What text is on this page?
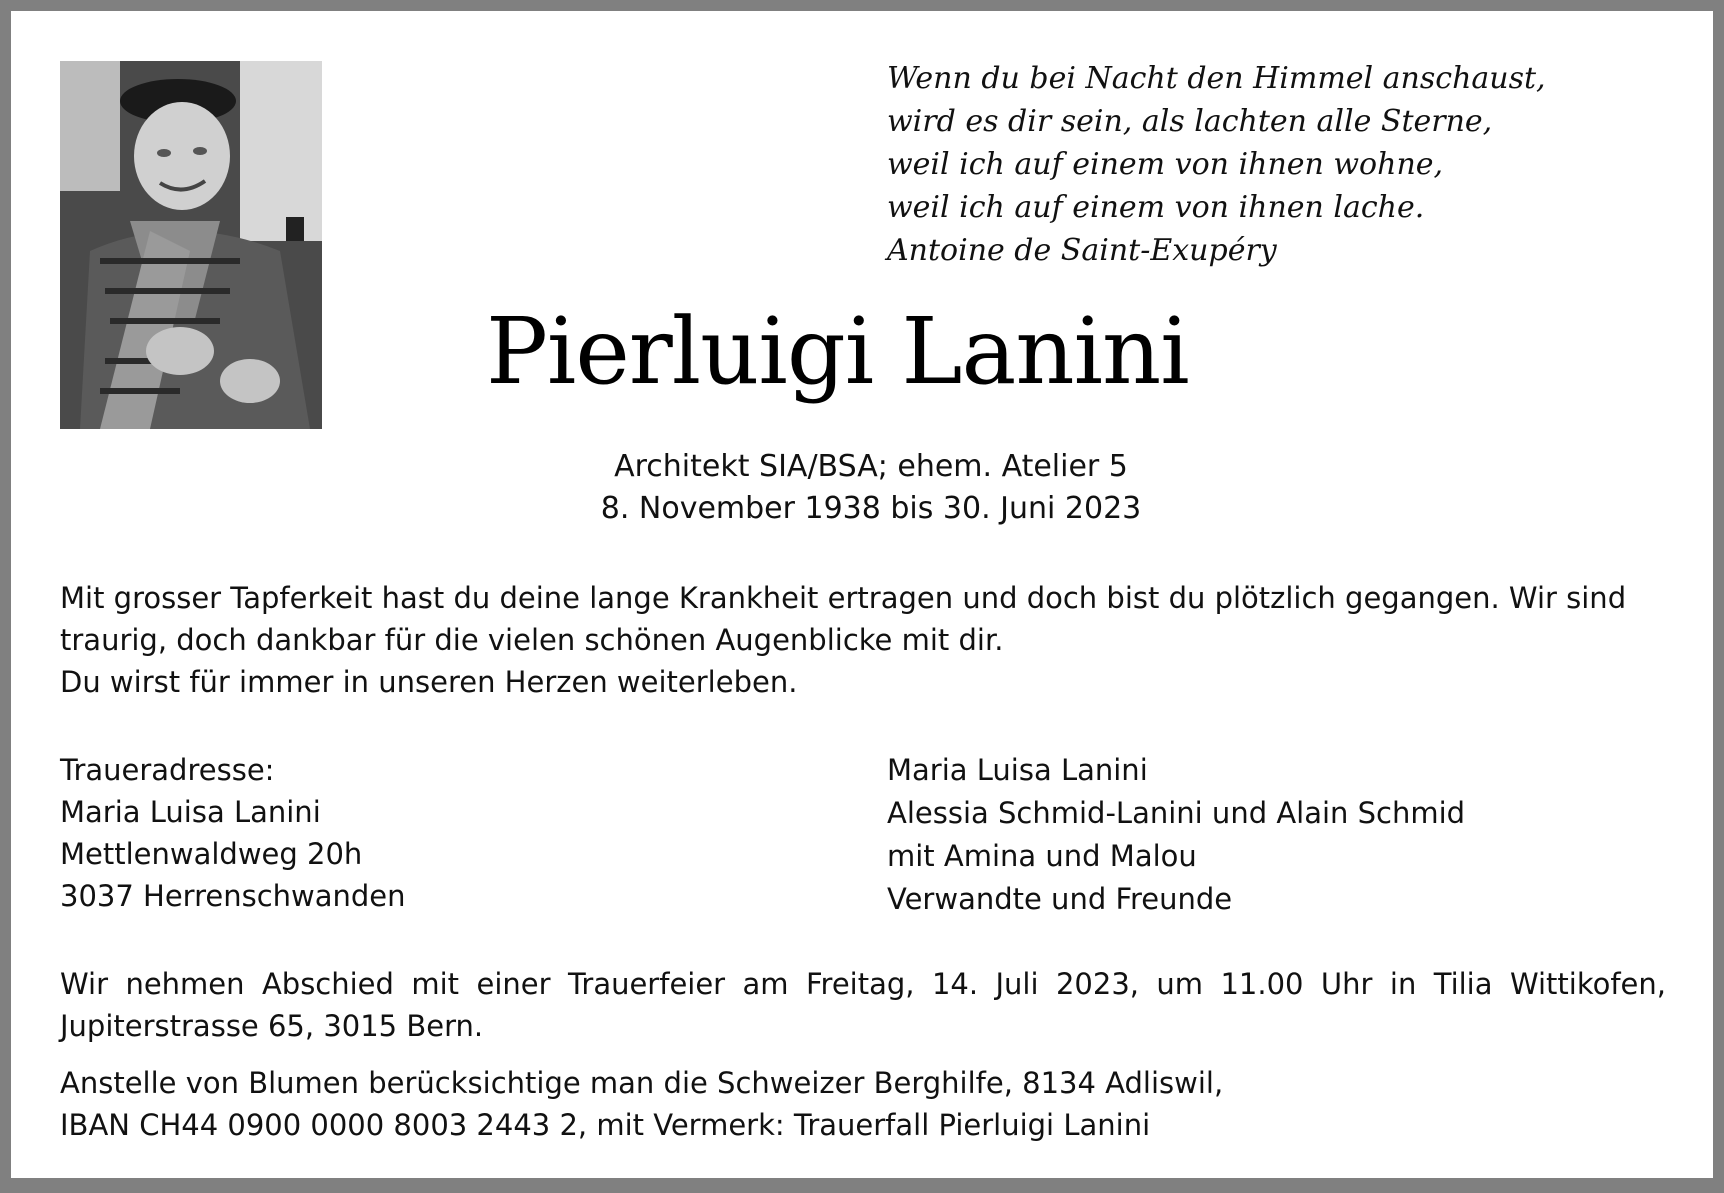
Wenn du bei Nacht den Himmel anschaust,
wird es dir sein, als lachten alle Sterne,
weil ich auf einem von ihnen wohne,
weil ich auf einem von ihnen lache.
Antoine de Saint-Exupéry
Pierluigi Lanini
Architekt SIA/BSA; ehem. Atelier 5
8. November 1938 bis 30. Juni 2023
Mit grosser Tapferkeit hast du deine lange Krankheit ertragen und doch bist du plötzlich gegangen. Wir sind
traurig, doch dankbar für die vielen schönen Augenblicke mit dir.
Du wirst für immer in unseren Herzen weiterleben.
Traueradresse:
Maria Luisa Lanini
Mettlenwaldweg 20h
3037 Herrenschwanden
Maria Luisa Lanini
Alessia Schmid-Lanini und Alain Schmid
mit Amina und Malou
Verwandte und Freunde
Wir nehmen Abschied mit einer Trauerfeier am Freitag, 14. Juli 2023, um 11.00 Uhr in Tilia Wittikofen, Jupiterstrasse 65, 3015 Bern.
Anstelle von Blumen berücksichtige man die Schweizer Berghilfe, 8134 Adliswil,
IBAN CH44 0900 0000 8003 2443 2, mit Vermerk: Trauerfall Pierluigi Lanini
